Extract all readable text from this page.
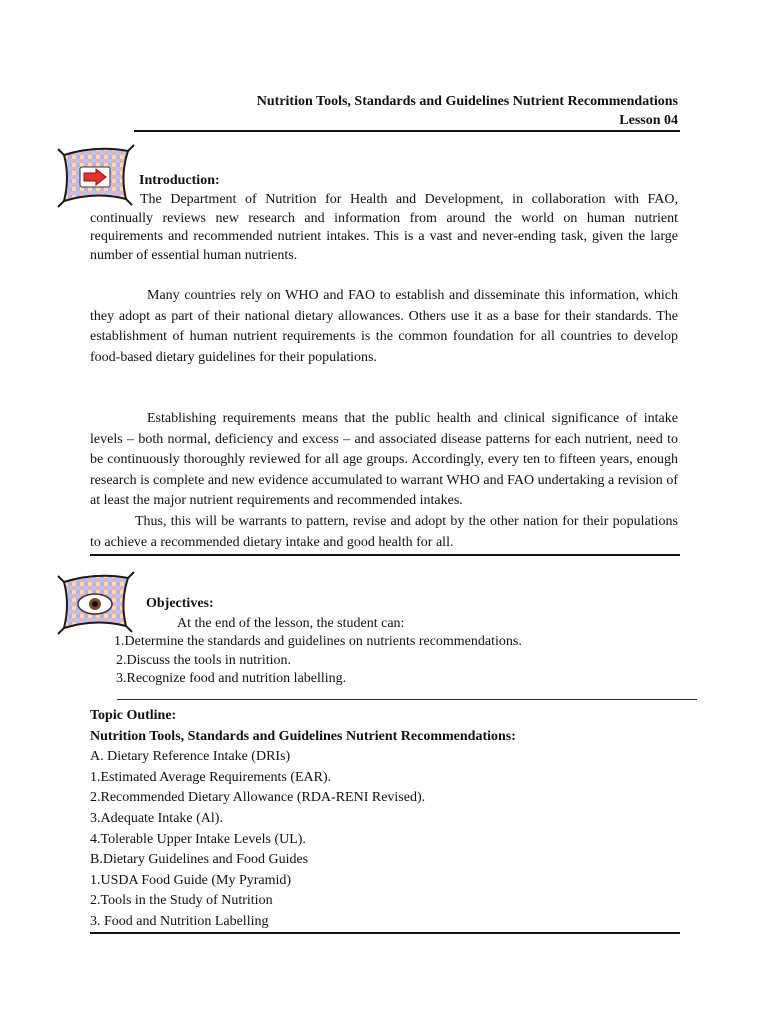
Nutrition Tools, Standards and Guidelines Nutrient Recommendations
Lesson 04
Introduction:

The Department of Nutrition for Health and Development, in collaboration with FAO, continually reviews new research and information from around the world on human nutrient requirements and recommended nutrient intakes. This is a vast and never-ending task, given the large number of essential human nutrients.

Many countries rely on WHO and FAO to establish and disseminate this information, which they adopt as part of their national dietary allowances. Others use it as a base for their standards. The establishment of human nutrient requirements is the common foundation for all countries to develop food-based dietary guidelines for their populations.

Establishing requirements means that the public health and clinical significance of intake levels – both normal, deficiency and excess – and associated disease patterns for each nutrient, need to be continuously thoroughly reviewed for all age groups. Accordingly, every ten to fifteen years, enough research is complete and new evidence accumulated to warrant WHO and FAO undertaking a revision of at least the major nutrient requirements and recommended intakes.

Thus, this will be warrants to pattern, revise and adopt by the other nation for their populations to achieve a recommended dietary intake and good health for all.

Objectives:
At the end of the lesson, the student can:
1.Determine the standards and guidelines on nutrients recommendations.
2.Discuss the tools in nutrition.
3.Recognize food and nutrition labelling.
Topic Outline:
Nutrition Tools, Standards and Guidelines Nutrient Recommendations:
A. Dietary Reference Intake (DRIs)
1.Estimated Average Requirements (EAR).
2.Recommended Dietary Allowance (RDA-RENI Revised).
3.Adequate Intake (Al).
4.Tolerable Upper Intake Levels (UL).
B.Dietary Guidelines and Food Guides
1.USDA Food Guide (My Pyramid)
2.Tools in the Study of Nutrition
3. Food and Nutrition Labelling
